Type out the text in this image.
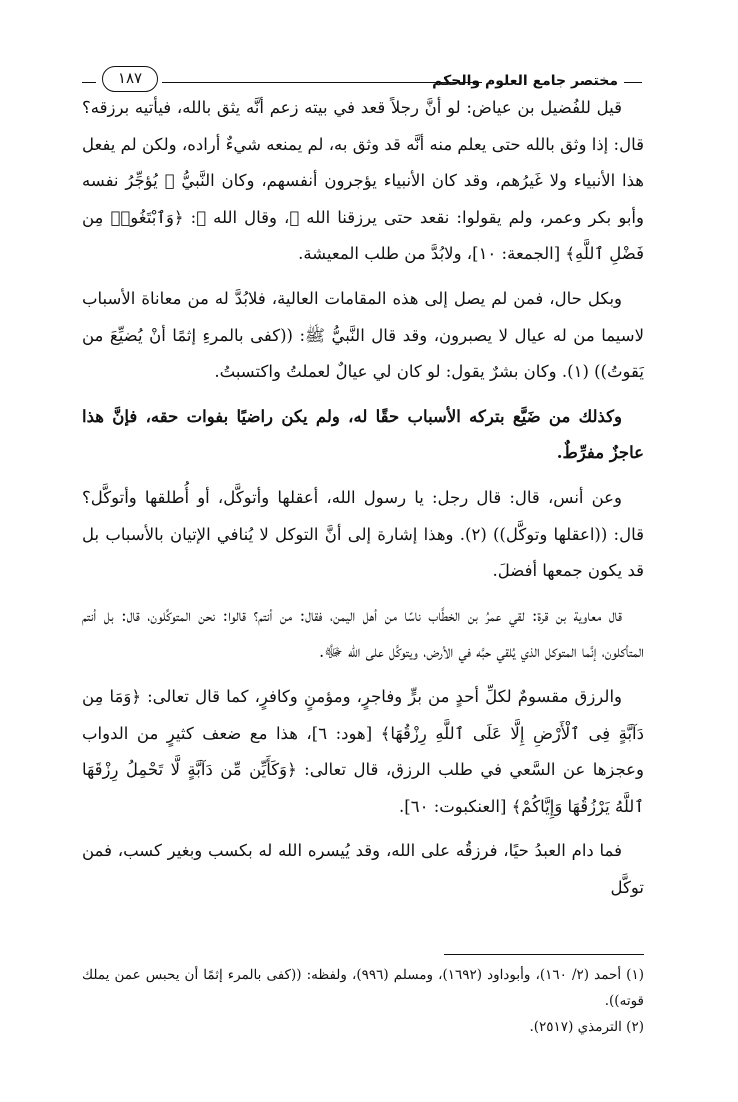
مختصر جامع العلوم والحكم
١٨٧

قيل للفُضيل بن عياض: لو أنَّ رجلاً قعد في بيته زعم أنَّه يثق بالله، فيأتيه برزقه؟ قال: إذا وثق بالله حتى يعلم منه أنَّه قد وثق به، لم يمنعه شيءٌ أراده، ولكن لم يفعل هذا الأنبياء ولا غَيرُهم، وقد كان الأنبياء يؤجرون أنفسهم، وكان النَّبيُّ ﷺ يُؤجِّرُ نفسه وأبو بكر وعمر، ولم يقولوا: نقعد حتى يرزقنا الله ﷻ، وقال الله ﷻ: ﴿وَٱبْتَغُوا۟ مِن فَضْلِ ٱللَّهِ﴾ [الجمعة: ١٠]، ولابُدَّ من طلب المعيشة.

وبكل حال، فمن لم يصل إلى هذه المقامات العالية، فلابُدَّ له من معاناة الأسباب لاسيما من له عيال لا يصبرون، وقد قال النَّبيُّ ﷺ: ((كفى بالمرءِ إثمًا أنْ يُضيِّعَ من يَقوتُ)) (١). وكان بشرٌ يقول: لو كان لي عيالٌ لعملتُ واكتسبتُ.

وكذلك من ضَيَّع بتركه الأسباب حقًا له، ولم يكن راضيًا بفوات حقه، فإنَّ هذا عاجزٌ مفرِّطٌ.

وعن أنس، قال: قال رجل: يا رسول الله، أعقلها وأتوكَّل، أو أُطلقها وأتوكَّل؟ قال: ((اعقلها وتوكَّل)) (٢). وهذا إشارة إلى أنَّ التوكل لا يُنافي الإتيان بالأسباب بل قد يكون جمعها أفضلَ.

قال معاوية بن قرة: لقي عمرُ بن الخطَّاب ناسًا من أهل اليمن، فقال: من أنتم؟ قالوا: نحن المتوكِّلون، قال: بل أنتم المتأكلون، إنَّما المتوكل الذي يُلقي حبَّه في الأرض، ويتوكَّل على الله ﷻ.

والرزق مقسومٌ لكلِّ أحدٍ من برٍّ وفاجرٍ، ومؤمنٍ وكافرٍ، كما قال تعالى: ﴿وَمَا مِن دَآبَّةٍ فِى ٱلْأَرْضِ إِلَّا عَلَى ٱللَّهِ رِزْقُهَا﴾ [هود: ٦]، هذا مع ضعف كثيرٍ من الدواب وعجزها عن السَّعي في طلب الرزق، قال تعالى: ﴿وَكَأَيِّن مِّن دَآبَّةٍ لَّا تَحْمِلُ رِزْقَهَا ٱللَّهُ يَرْزُقُهَا وَإِيَّاكُمْ﴾ [العنكبوت: ٦٠].

فما دام العبدُ حيًا، فرزقُه على الله، وقد يُيسره الله له بكسب وبغير كسب، فمن توكَّل

(١) أحمد (٢/ ١٦٠)، وأبوداود (١٦٩٢)، ومسلم (٩٩٦)، ولفظه: ((كفى بالمرء إثمًا أن يحبس عمن يملك قوته)).

(٢) الترمذي (٢٥١٧).
